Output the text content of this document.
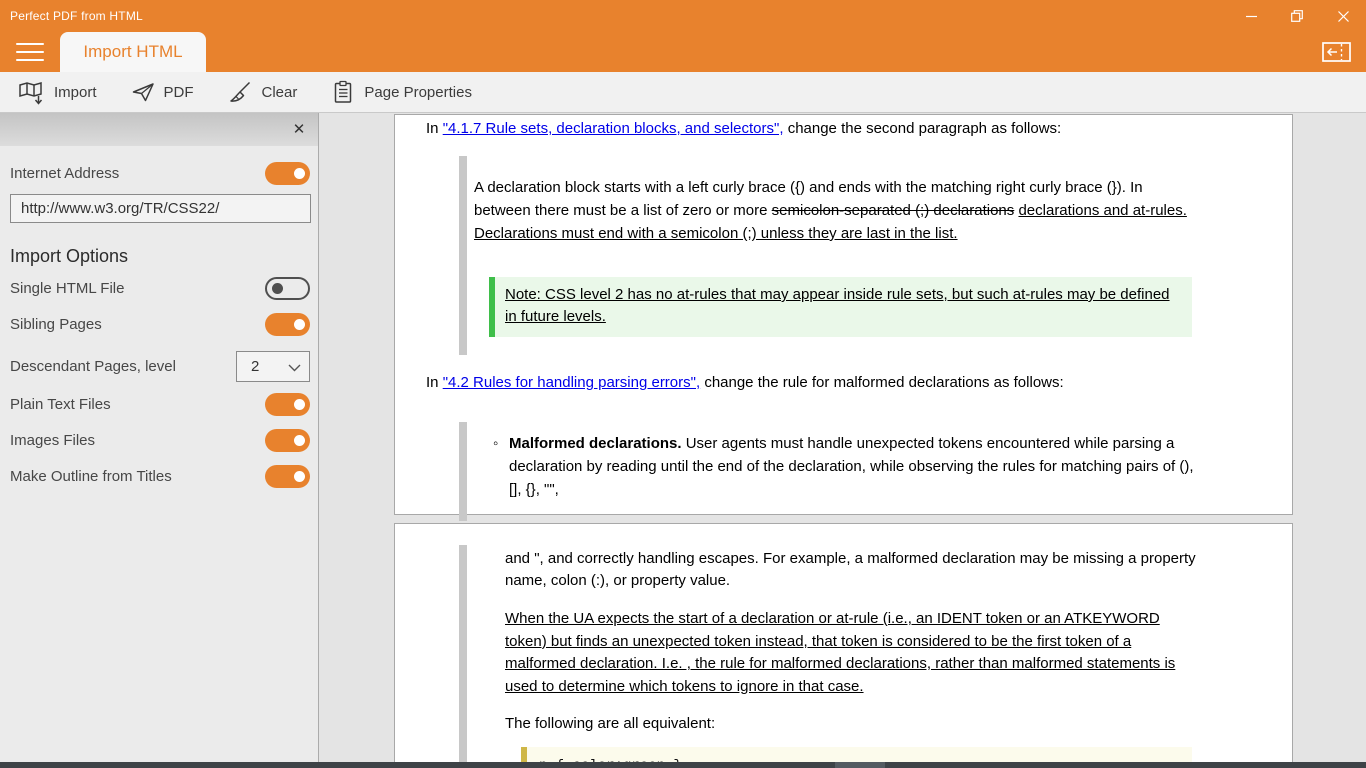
Perfect PDF from HTML
Import HTML
Import	PDF	Clear	Page Properties
✕
Internet Address
http://www.w3.org/TR/CSS22/
Import Options
Single HTML File
Sibling Pages
Descendant Pages, level	2
Plain Text Files
Images Files
Make Outline from Titles

In "4.1.7 Rule sets, declaration blocks, and selectors", change the second paragraph as follows:

A declaration block starts with a left curly brace ({) and ends with the matching right curly brace (}). In between there must be a list of zero or more semicolon-separated (;) declarations declarations and at-rules. Declarations must end with a semicolon (;) unless they are last in the list.

Note: CSS level 2 has no at-rules that may appear inside rule sets, but such at-rules may be defined in future levels.

In "4.2 Rules for handling parsing errors", change the rule for malformed declarations as follows:

◦ Malformed declarations. User agents must handle unexpected tokens encountered while parsing a declaration by reading until the end of the declaration, while observing the rules for matching pairs of (), [], {}, "",

and ", and correctly handling escapes. For example, a malformed declaration may be missing a property name, colon (:), or property value.

When the UA expects the start of a declaration or at-rule (i.e., an IDENT token or an ATKEYWORD token) but finds an unexpected token instead, that token is considered to be the first token of a malformed declaration. I.e. , the rule for malformed declarations, rather than malformed statements is used to determine which tokens to ignore in that case.

The following are all equivalent:
